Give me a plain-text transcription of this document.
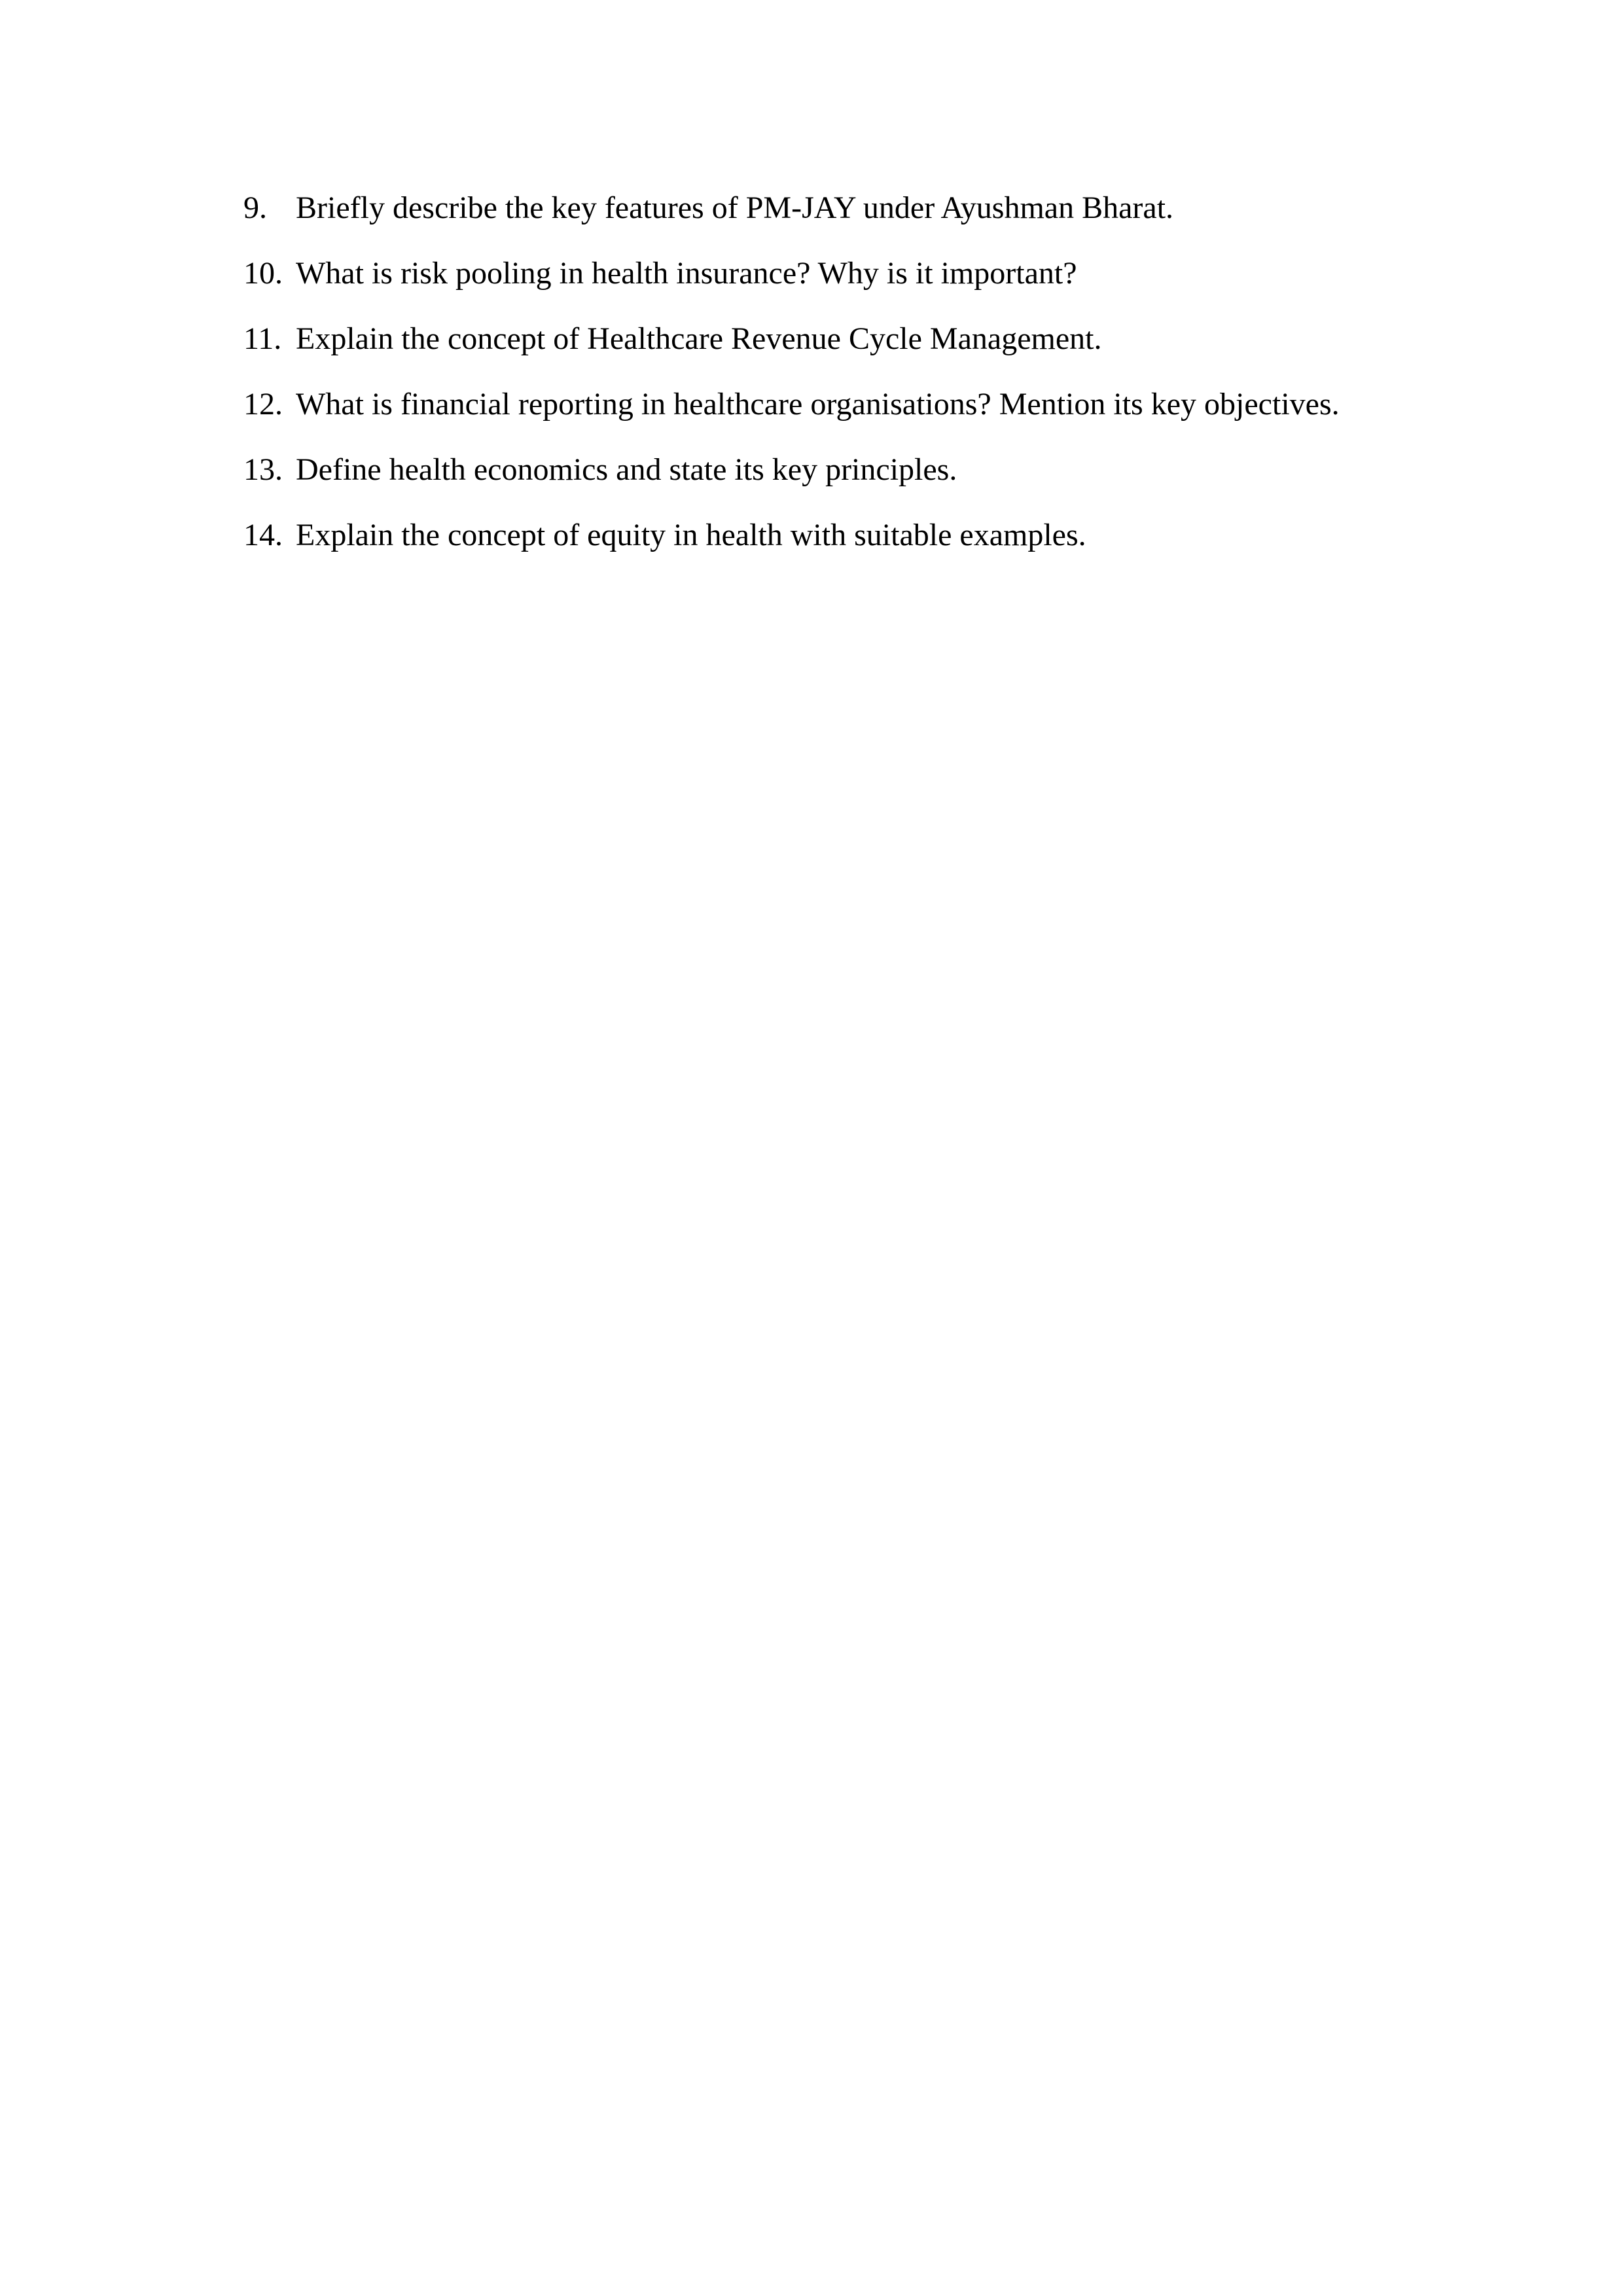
9. Briefly describe the key features of PM-JAY under Ayushman Bharat.
10. What is risk pooling in health insurance? Why is it important?
11. Explain the concept of Healthcare Revenue Cycle Management.
12. What is financial reporting in healthcare organisations? Mention its key objectives.
13. Define health economics and state its key principles.
14. Explain the concept of equity in health with suitable examples.
